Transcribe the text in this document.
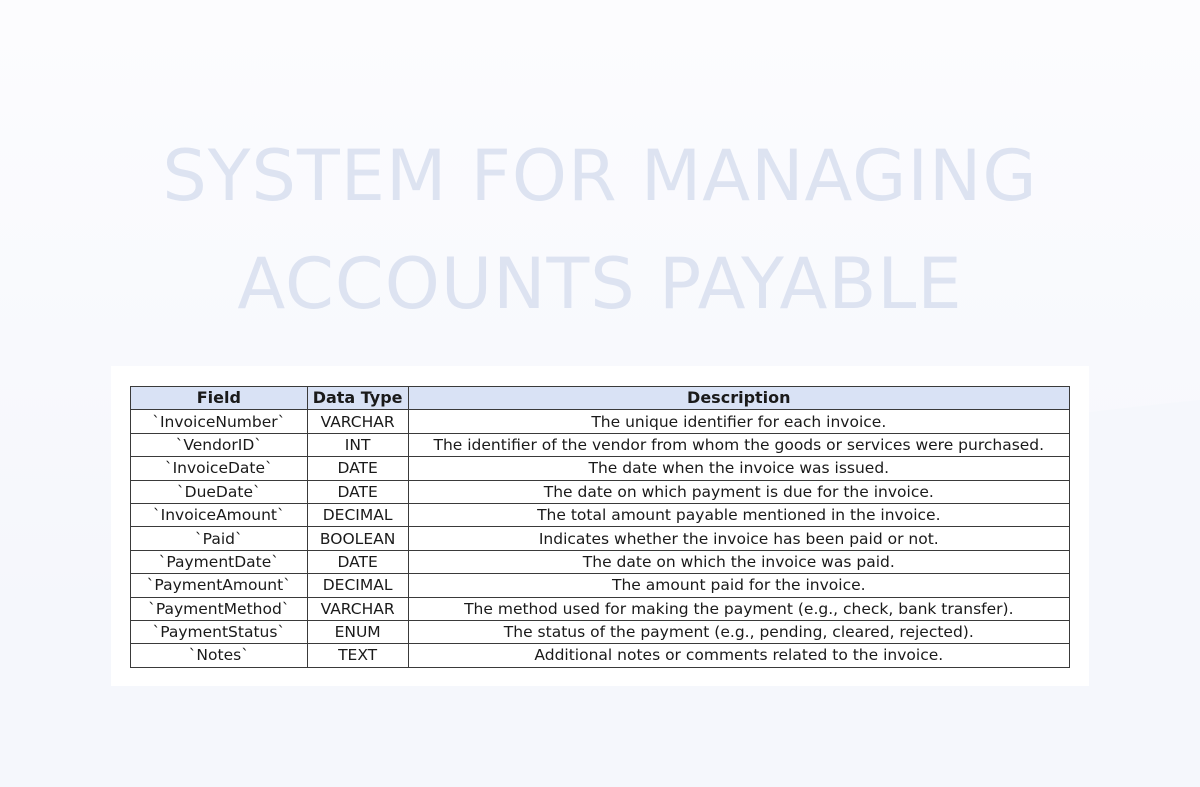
SYSTEM FOR MANAGING
ACCOUNTS PAYABLE
Field	Data Type	Description
`InvoiceNumber`	VARCHAR	The unique identifier for each invoice.
`VendorID`	INT	The identifier of the vendor from whom the goods or services were purchased.
`InvoiceDate`	DATE	The date when the invoice was issued.
`DueDate`	DATE	The date on which payment is due for the invoice.
`InvoiceAmount`	DECIMAL	The total amount payable mentioned in the invoice.
`Paid`	BOOLEAN	Indicates whether the invoice has been paid or not.
`PaymentDate`	DATE	The date on which the invoice was paid.
`PaymentAmount`	DECIMAL	The amount paid for the invoice.
`PaymentMethod`	VARCHAR	The method used for making the payment (e.g., check, bank transfer).
`PaymentStatus`	ENUM	The status of the payment (e.g., pending, cleared, rejected).
`Notes`	TEXT	Additional notes or comments related to the invoice.
